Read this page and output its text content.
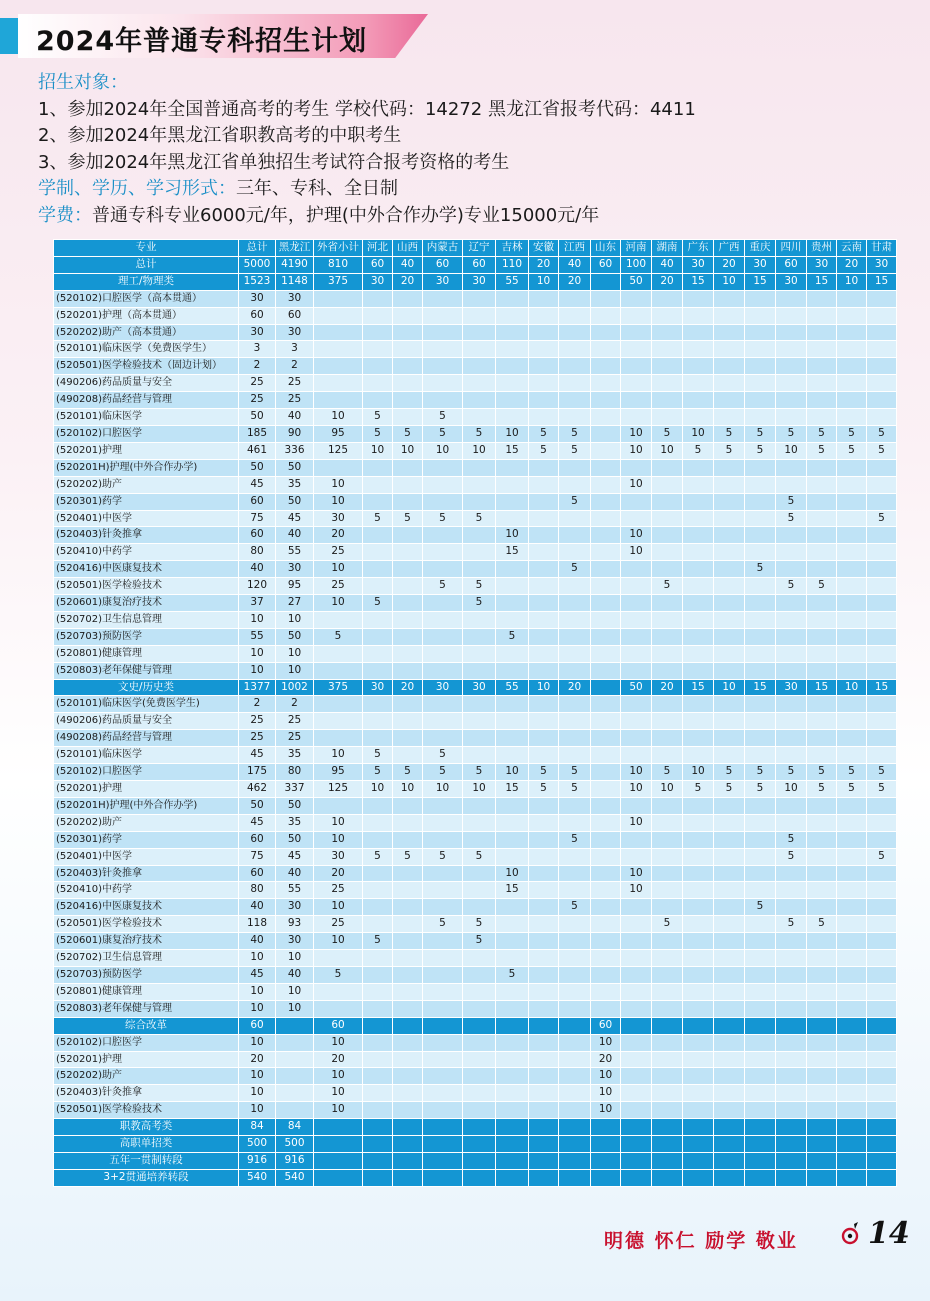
2024年普通专科招生计划
招生对象：
1、参加2024年全国普通高考的考生 学校代码：14272 黑龙江省报考代码：4411
2、参加2024年黑龙江省职教高考的中职考生
3、参加2024年黑龙江省单独招生考试符合报考资格的考生
学制、学历、学习形式：三年、专科、全日制
学费：普通专科专业6000元/年，护理(中外合作办学)专业15000元/年
专业	总计	黑龙江	外省小计	河北	山西	内蒙古	辽宁	吉林	安徽	江西	山东	河南	湖南	广东	广西	重庆	四川	贵州	云南	甘肃
总计	5000	4190	810	60	40	60	60	110	20	40	60	100	40	30	20	30	60	30	20	30
理工/物理类	1523	1148	375	30	20	30	30	55	10	20		50	20	15	10	15	30	15	10	15
(520102)口腔医学（高本贯通）	30	30																		
(520201)护理（高本贯通）	60	60																		
(520202)助产（高本贯通）	30	30																		
(520101)临床医学（免费医学生）	3	3																		
(520501)医学检验技术（固边计划）	2	2																		
(490206)药品质量与安全	25	25																		
(490208)药品经营与管理	25	25																		
(520101)临床医学	50	40	10	5		5														
(520102)口腔医学	185	90	95	5	5	5	5	10	5	5		10	5	10	5	5	5	5	5	5
(520201)护理	461	336	125	10	10	10	10	15	5	5		10	10	5	5	5	10	5	5	5
(520201H)护理(中外合作办学)	50	50																		
(520202)助产	45	35	10									10								
(520301)药学	60	50	10							5							5			
(520401)中医学	75	45	30	5	5	5	5										5			5
(520403)针灸推拿	60	40	20					10				10								
(520410)中药学	80	55	25					15				10								
(520416)中医康复技术	40	30	10							5						5				
(520501)医学检验技术	120	95	25			5	5						5				5	5		
(520601)康复治疗技术	37	27	10	5			5													
(520702)卫生信息管理	10	10																		
(520703)预防医学	55	50	5					5												
(520801)健康管理	10	10																		
(520803)老年保健与管理	10	10																		
文史/历史类	1377	1002	375	30	20	30	30	55	10	20		50	20	15	10	15	30	15	10	15
(520101)临床医学(免费医学生)	2	2																		
(490206)药品质量与安全	25	25																		
(490208)药品经营与管理	25	25																		
(520101)临床医学	45	35	10	5		5														
(520102)口腔医学	175	80	95	5	5	5	5	10	5	5		10	5	10	5	5	5	5	5	5
(520201)护理	462	337	125	10	10	10	10	15	5	5		10	10	5	5	5	10	5	5	5
(520201H)护理(中外合作办学)	50	50																		
(520202)助产	45	35	10									10								
(520301)药学	60	50	10							5							5			
(520401)中医学	75	45	30	5	5	5	5										5			5
(520403)针灸推拿	60	40	20					10				10								
(520410)中药学	80	55	25					15				10								
(520416)中医康复技术	40	30	10							5						5				
(520501)医学检验技术	118	93	25			5	5						5				5	5		
(520601)康复治疗技术	40	30	10	5			5													
(520702)卫生信息管理	10	10																		
(520703)预防医学	45	40	5					5												
(520801)健康管理	10	10																		
(520803)老年保健与管理	10	10																		
综合改革	60		60								60									
(520102)口腔医学	10		10								10									
(520201)护理	20		20								20									
(520202)助产	10		10								10									
(520403)针灸推拿	10		10								10									
(520501)医学检验技术	10		10								10									
职教高考类	84	84																		
高职单招类	500	500																		
五年一贯制转段	916	916																		
3+2贯通培养转段	540	540																		
明德 怀仁 励学 敬业 14
